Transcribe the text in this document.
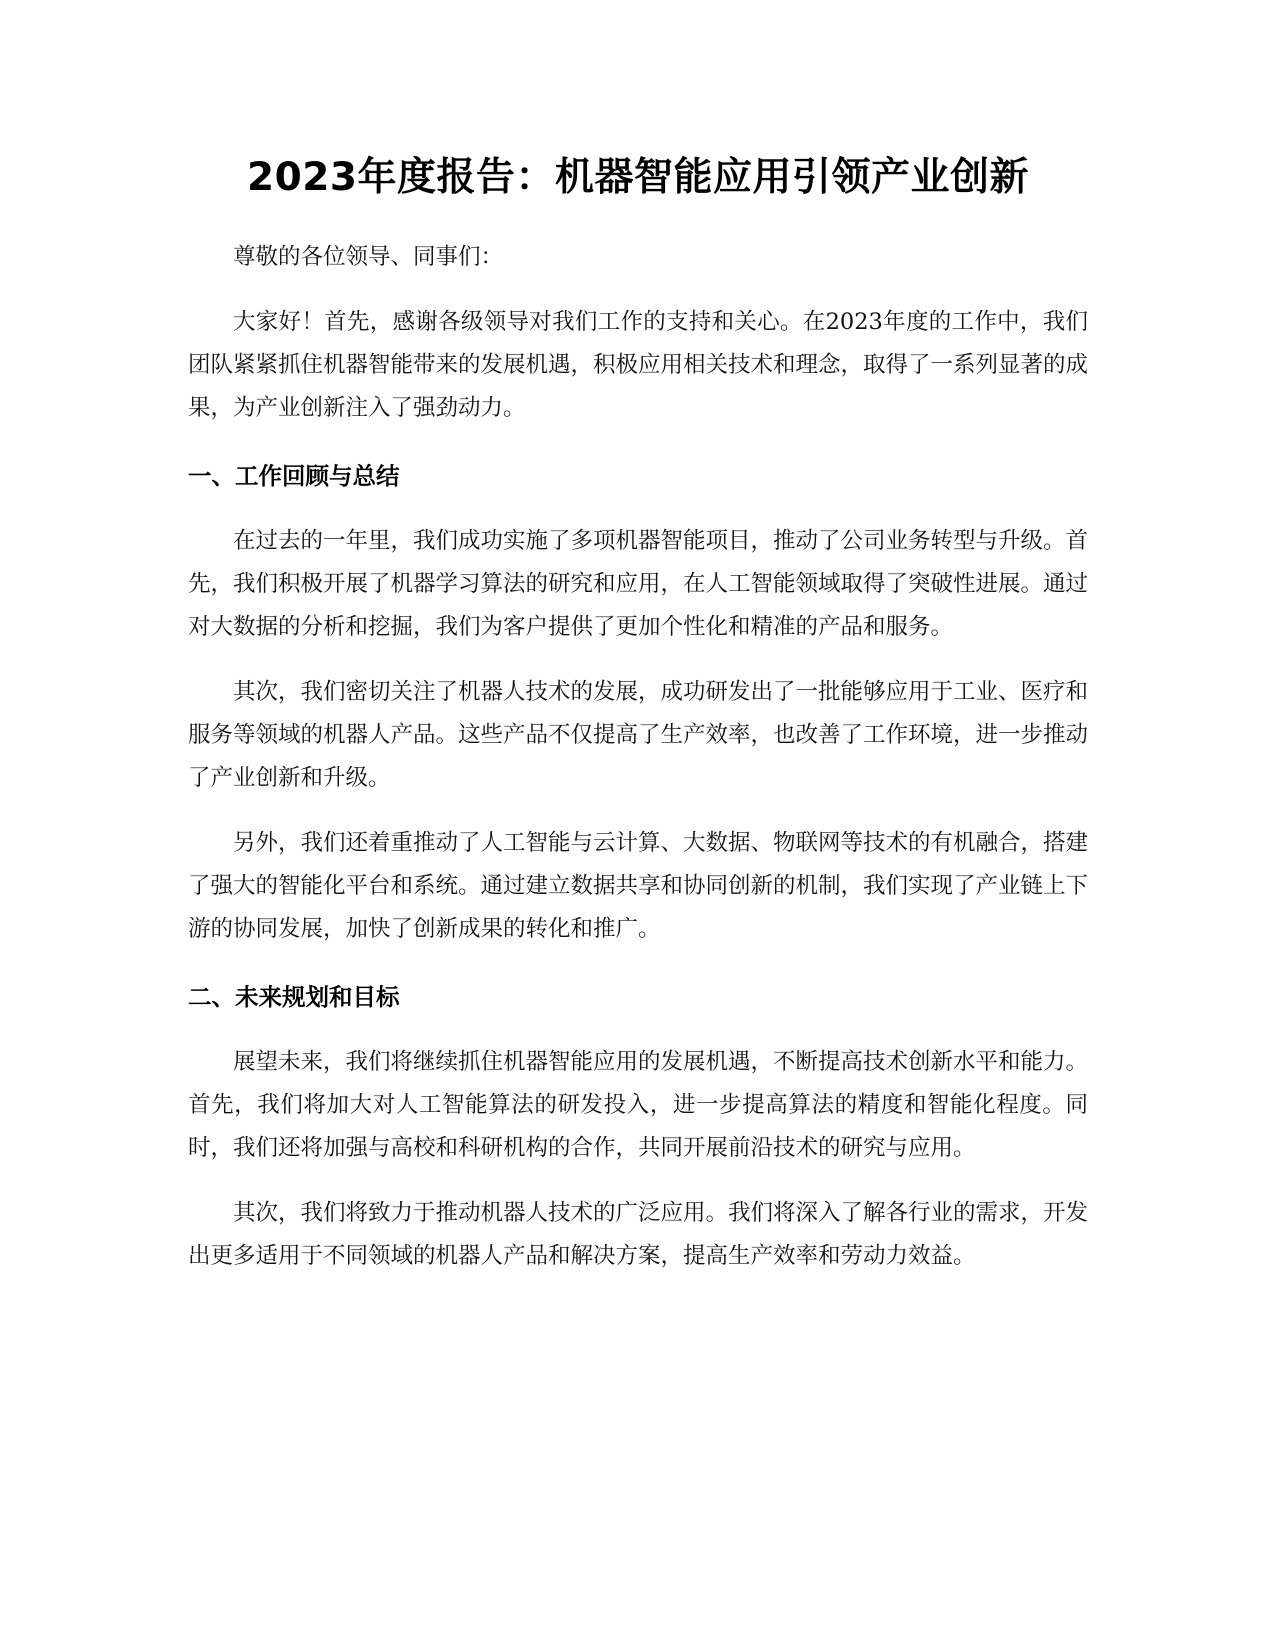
2023年度报告：机器智能应用引领产业创新

尊敬的各位领导、同事们：

大家好！首先，感谢各级领导对我们工作的支持和关心。在2023年度的工作中，我们团队紧紧抓住机器智能带来的发展机遇，积极应用相关技术和理念，取得了一系列显著的成果，为产业创新注入了强劲动力。

一、工作回顾与总结

在过去的一年里，我们成功实施了多项机器智能项目，推动了公司业务转型与升级。首先，我们积极开展了机器学习算法的研究和应用，在人工智能领域取得了突破性进展。通过对大数据的分析和挖掘，我们为客户提供了更加个性化和精准的产品和服务。

其次，我们密切关注了机器人技术的发展，成功研发出了一批能够应用于工业、医疗和服务等领域的机器人产品。这些产品不仅提高了生产效率，也改善了工作环境，进一步推动了产业创新和升级。

另外，我们还着重推动了人工智能与云计算、大数据、物联网等技术的有机融合，搭建了强大的智能化平台和系统。通过建立数据共享和协同创新的机制，我们实现了产业链上下游的协同发展，加快了创新成果的转化和推广。

二、未来规划和目标

展望未来，我们将继续抓住机器智能应用的发展机遇，不断提高技术创新水平和能力。首先，我们将加大对人工智能算法的研发投入，进一步提高算法的精度和智能化程度。同时，我们还将加强与高校和科研机构的合作，共同开展前沿技术的研究与应用。

其次，我们将致力于推动机器人技术的广泛应用。我们将深入了解各行业的需求，开发出更多适用于不同领域的机器人产品和解决方案，提高生产效率和劳动力效益。
